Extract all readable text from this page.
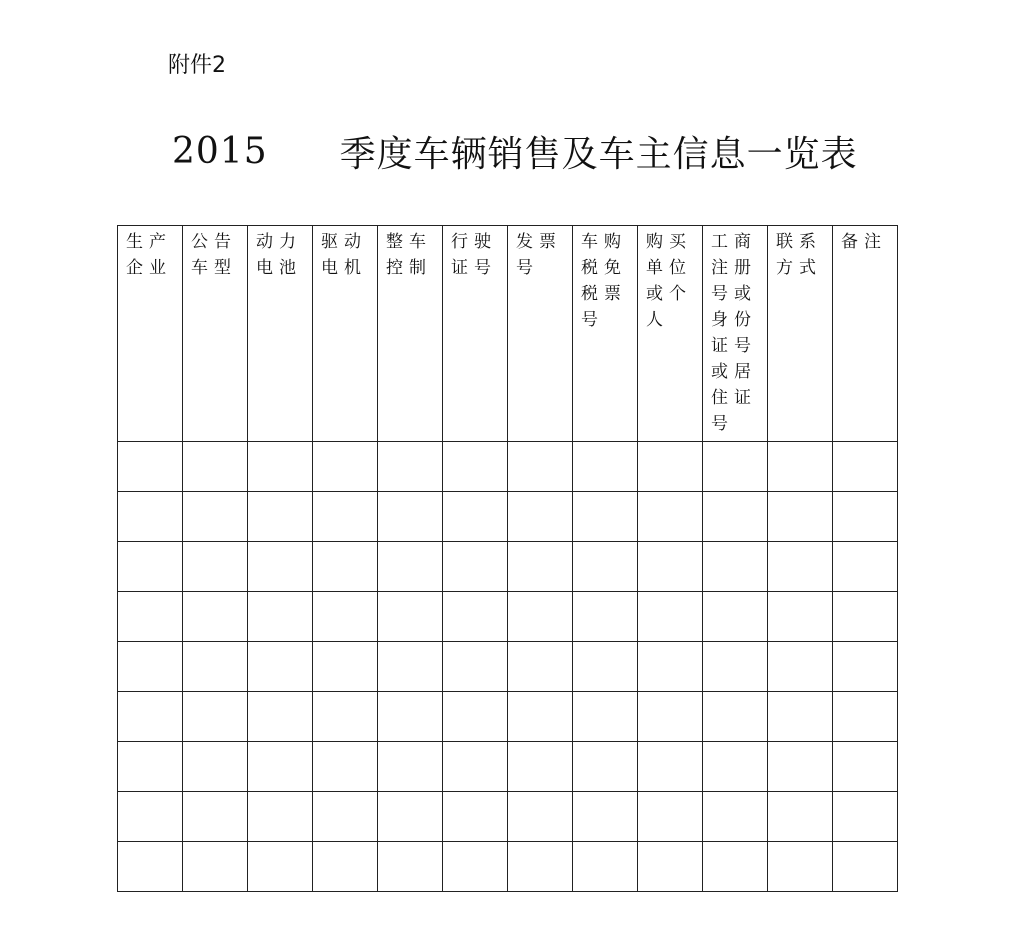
附件2
2015 季度车辆销售及车主信息一览表
生产企业	公告车型	动力电池	驱动电机	整车控制	行驶证号	发票号	车购税免税票号	购买单位或个人	工商注册号或身份证号或居住证号	联系方式	备注
